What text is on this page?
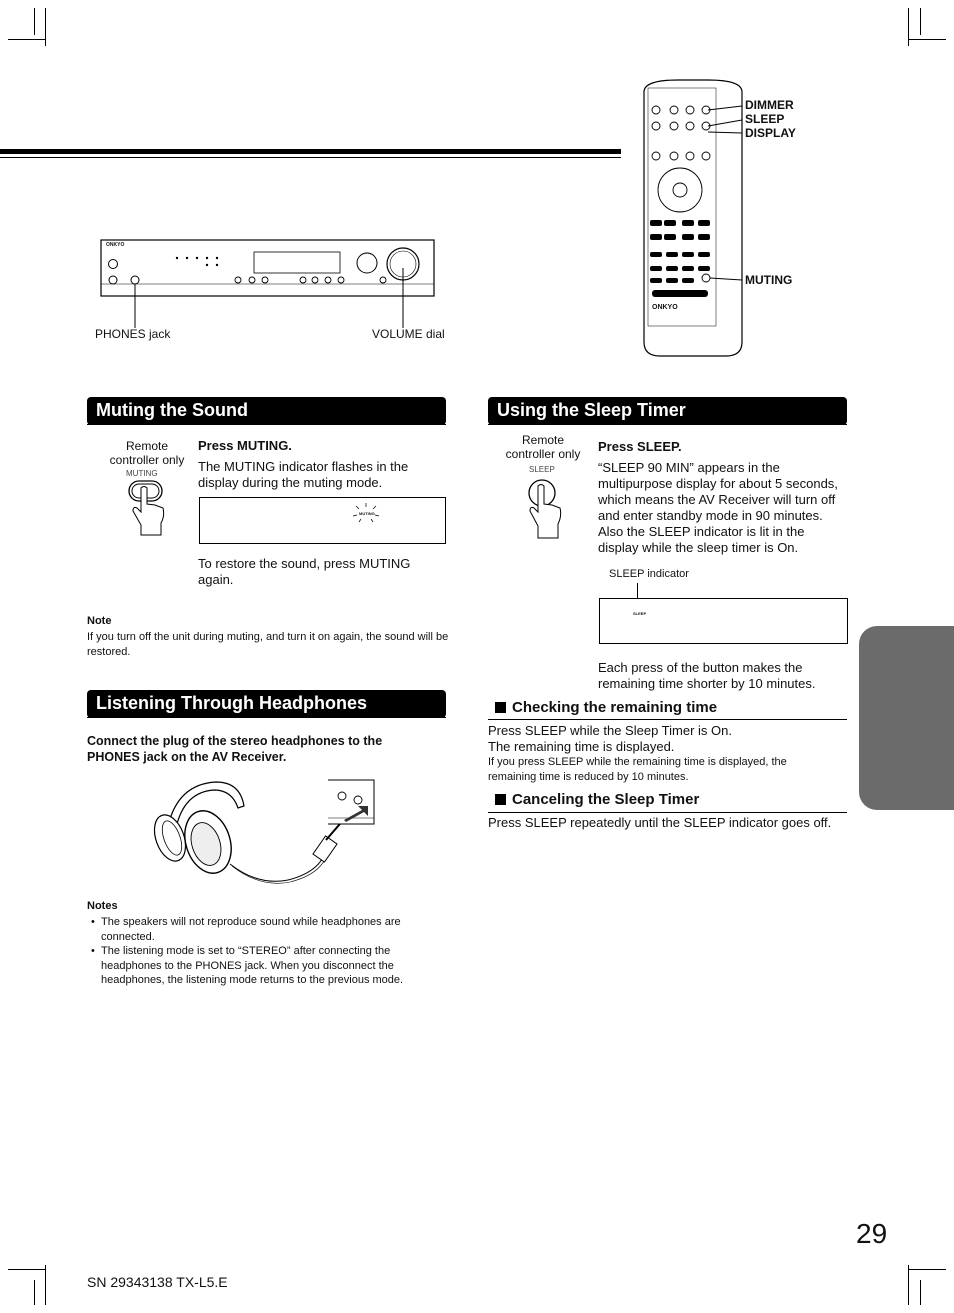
ONKYO
PHONES jack	VOLUME dial
ONKYO
DIMMER
SLEEP
DISPLAY
MUTING
Muting the Sound
Remote controller only
MUTING
Press MUTING.
The MUTING indicator flashes in the display during the muting mode.
MUTING
To restore the sound, press MUTING again.
Note
If you turn off the unit during muting, and turn it on again, the sound will be restored.
Listening Through Headphones
Connect the plug of the stereo headphones to the PHONES jack on the AV Receiver.
Notes
• The speakers will not reproduce sound while headphones are connected.
• The listening mode is set to “STEREO” after connecting the headphones to the PHONES jack. When you disconnect the headphones, the listening mode returns to the previous mode.
Using the Sleep Timer
Remote controller only
SLEEP
Press SLEEP.
“SLEEP 90 MIN” appears in the multipurpose display for about 5 seconds, which means the AV Receiver will turn off and enter standby mode in 90 minutes. Also the SLEEP indicator is lit in the display while the sleep timer is On.
SLEEP indicator
SLEEP
Each press of the button makes the remaining time shorter by 10 minutes.
Checking the remaining time
Press SLEEP while the Sleep Timer is On.
The remaining time is displayed.
If you press SLEEP while the remaining time is displayed, the remaining time is reduced by 10 minutes.
Canceling the Sleep Timer
Press SLEEP repeatedly until the SLEEP indicator goes off.
29
SN 29343138 TX-L5.E
